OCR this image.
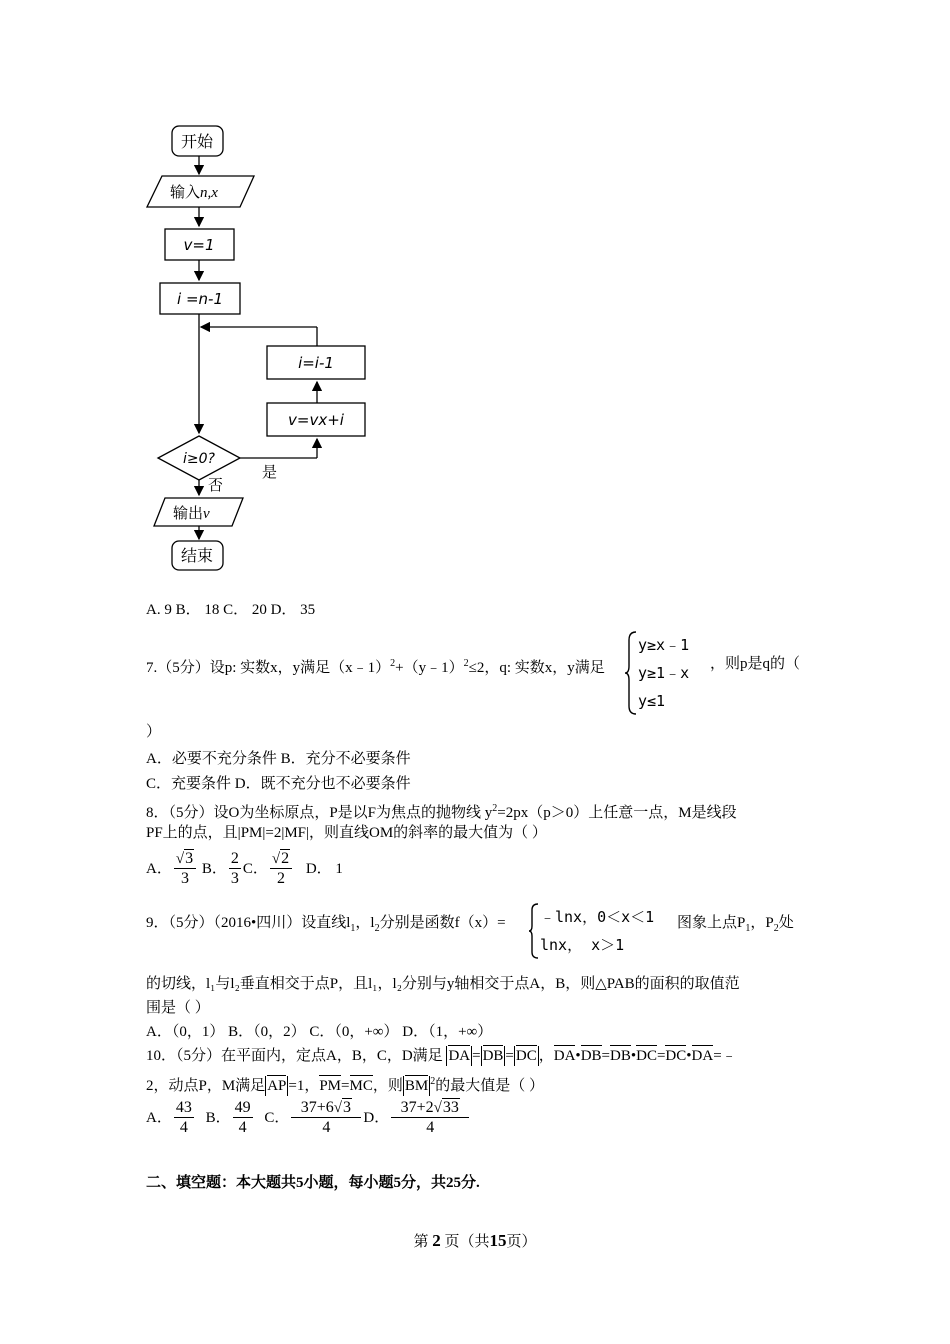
开始
输入n,x
v=1
i =n-1
i=i-1
v=vx+i
i≥0?
是
否
输出v
结束
A. 9 B． 18 C． 20 D． 35
7.（5分）设p: 实数x，y满足（x﹣1）$^2$+（y﹣1）$^2$≤2，q: 实数x，y满足
y≥x﹣1
y≥1﹣x
y≤1
，则p是q的（
）
A．必要不充分条件 B．充分不必要条件
C．充要条件 D．既不充分也不必要条件
8．（5分）设O为坐标原点，P是以F为焦点的抛物线 $y^2=2px(p>0)$上任意一点，M是线段
PF上的点，且|PM|=2|MF|，则直线OM的斜率的最大值为（ ）
A． $\frac{√3}{3}$ B． $\frac{2}{3}$ C． $\frac{√2}{2}$ D． 1
9．（5分）（2016•四川）设直线$l_1$，$l_2$分别是函数f（x）= ﹣lnx，0＜x＜1
lnx， x＞1
图象上点$P_1$，$P_2$处
的切线，l₁与l₂垂直相交于点P，且l₁，l₂分别与y轴相交于点A，B，则△PAB的面积的取值范
围是（ ）
A．（0，1） B．（0，2） C．（0，+∞） D．（1，+∞）
10．（5分）在平面内，定点A，B，C，D满足 DA = DB = DC ，DA•DB=DB•DC=DC•DA=﹣
2，动点P，M满足 AP =1，PM=MC，则 BM $^2$的最大值是（ ）
A． $\frac{43}{4}$ B． $\frac{49}{4}$ C． $\frac{37+6√3}{4}$ D． $\frac{37+2√33}{4}$
二、填空题：本大题共5小题，每小题5分，共25分.
第 2 页（共15页）
